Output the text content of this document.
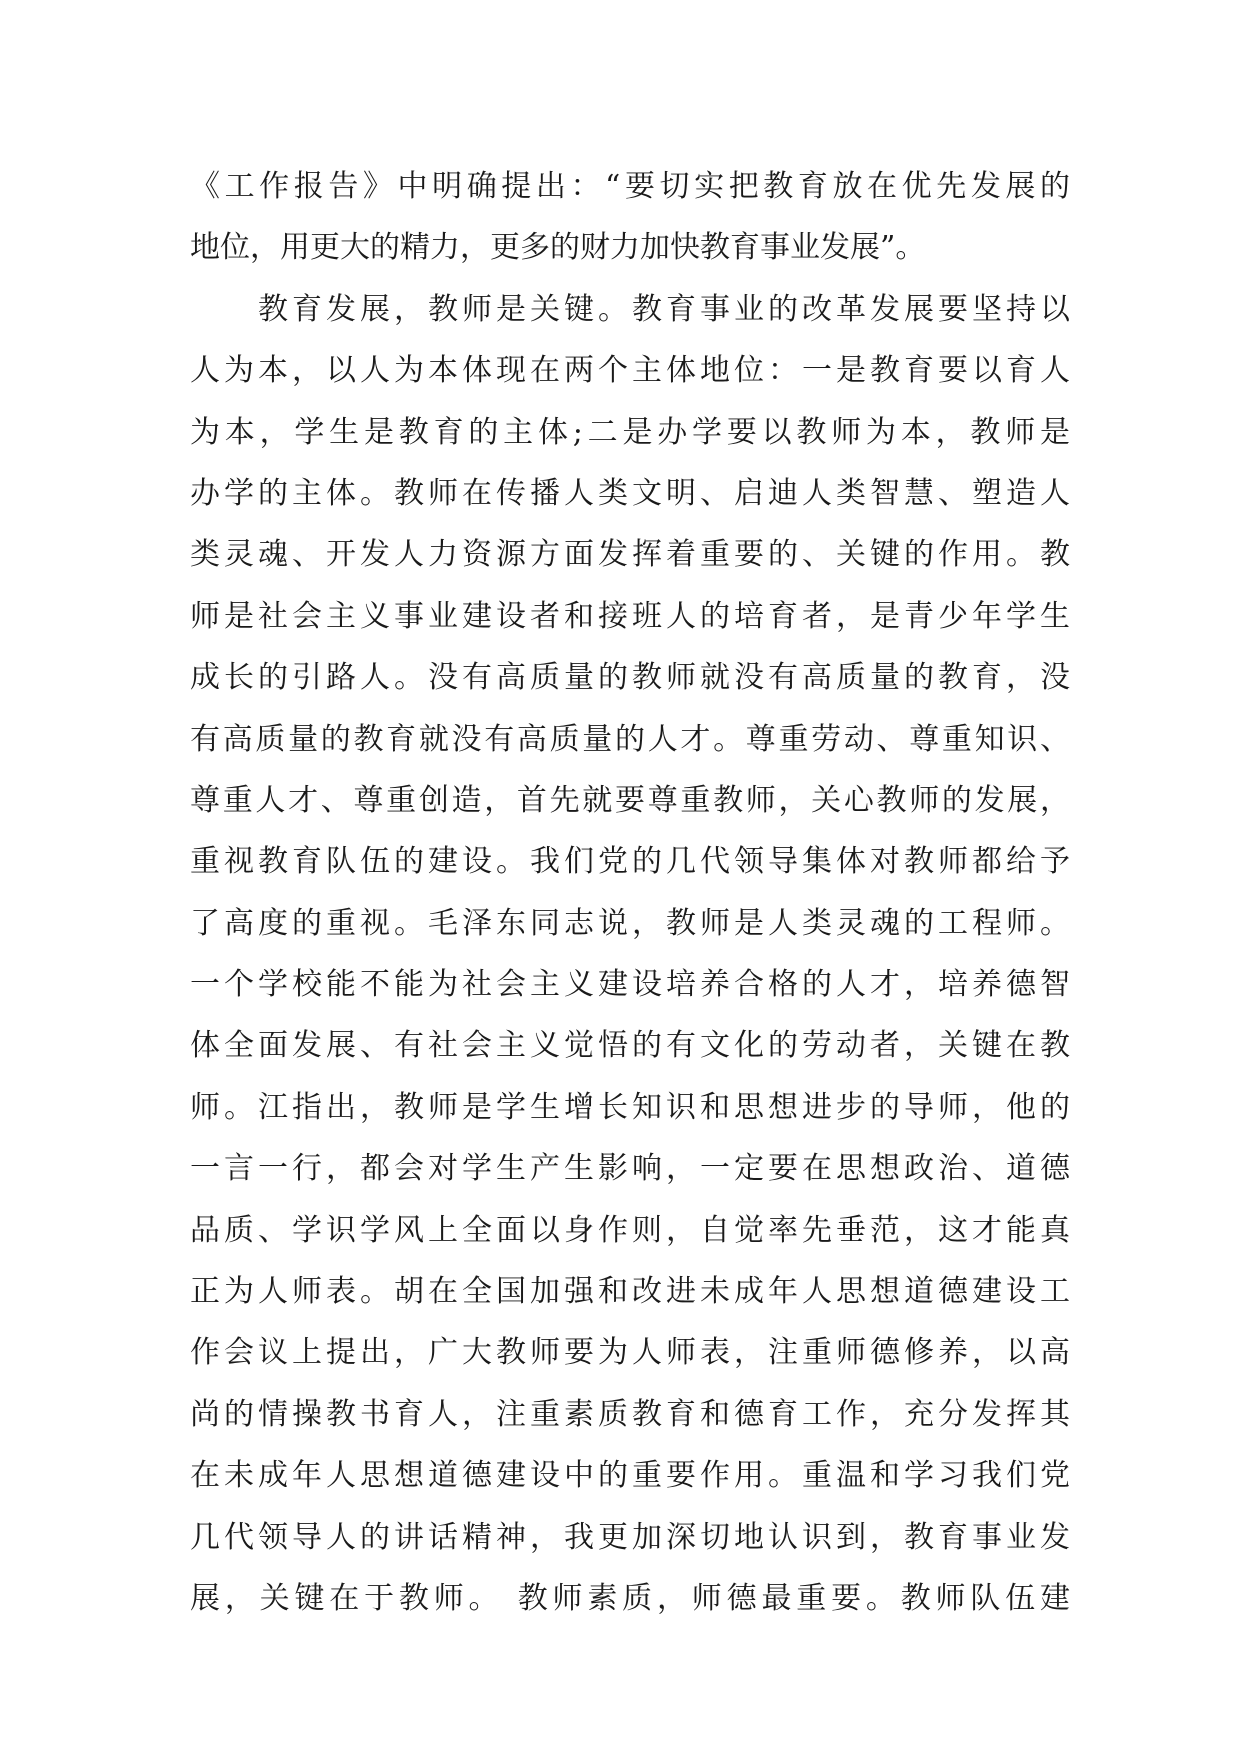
《工作报告》中明确提出：“要切实把教育放在优先发展的
地位，用更大的精力，更多的财力加快教育事业发展”。
教育发展，教师是关键。教育事业的改革发展要坚持以
人为本，以人为本体现在两个主体地位：一是教育要以育人
为本，学生是教育的主体;二是办学要以教师为本，教师是
办学的主体。教师在传播人类文明、启迪人类智慧、塑造人
类灵魂、开发人力资源方面发挥着重要的、关键的作用。教
师是社会主义事业建设者和接班人的培育者，是青少年学生
成长的引路人。没有高质量的教师就没有高质量的教育，没
有高质量的教育就没有高质量的人才。尊重劳动、尊重知识、
尊重人才、尊重创造，首先就要尊重教师，关心教师的发展，
重视教育队伍的建设。我们党的几代领导集体对教师都给予
了高度的重视。毛泽东同志说，教师是人类灵魂的工程师。
一个学校能不能为社会主义建设培养合格的人才，培养德智
体全面发展、有社会主义觉悟的有文化的劳动者，关键在教
师。江指出，教师是学生增长知识和思想进步的导师，他的
一言一行，都会对学生产生影响，一定要在思想政治、道德
品质、学识学风上全面以身作则，自觉率先垂范，这才能真
正为人师表。胡在全国加强和改进未成年人思想道德建设工
作会议上提出，广大教师要为人师表，注重师德修养，以高
尚的情操教书育人，注重素质教育和德育工作，充分发挥其
在未成年人思想道德建设中的重要作用。重温和学习我们党
几代领导人的讲话精神，我更加深切地认识到，教育事业发
展，关键在于教师。 教师素质，师德最重要。教师队伍建
